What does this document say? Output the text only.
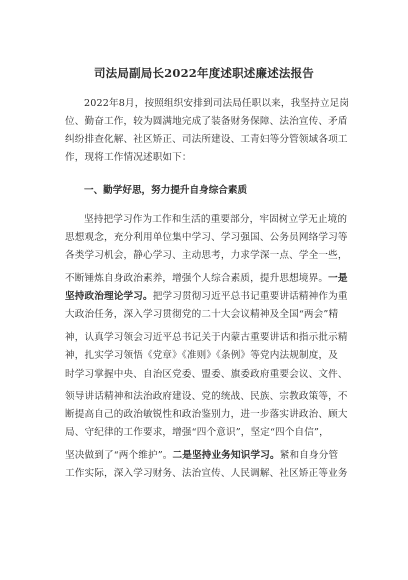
司法局副局长2022年度述职述廉述法报告
2022年8月，按照组织安排到司法局任职以来，我坚持立足岗
位、勤奋工作，较为圆满地完成了装备财务保障、法治宣传、矛盾
纠纷排查化解、社区矫正、司法所建设、工青妇等分管领域各项工
作，现将工作情况述职如下：
一、勤学好思，努力提升自身综合素质
坚持把学习作为工作和生活的重要部分，牢固树立学无止境的
思想观念，充分利用单位集中学习、学习强国、公务员网络学习等
各类学习机会，静心学习、主动思考，力求学深一点、学全一些，
不断锤炼自身政治素养，增强个人综合素质，提升思想境界。一是
坚持政治理论学习。把学习贯彻习近平总书记重要讲话精神作为重
大政治任务，深入学习贯彻党的二十大会议精神及全国“两会”精
神，认真学习领会习近平总书记关于内蒙古重要讲话和指示批示精
神，扎实学习领悟《党章》《准则》《条例》等党内法规制度，及
时学习掌握中央、自治区党委、盟委、旗委政府重要会议、文件、
领导讲话精神和法治政府建设、党的统战、民族、宗教政策等，不
断提高自己的政治敏锐性和政治鉴别力，进一步落实讲政治、顾大
局、守纪律的工作要求，增强“四个意识”，坚定“四个自信”，
坚决做到了“两个维护”。二是坚持业务知识学习。紧和自身分管
工作实际，深入学习财务、法治宣传、人民调解、社区矫正等业务
